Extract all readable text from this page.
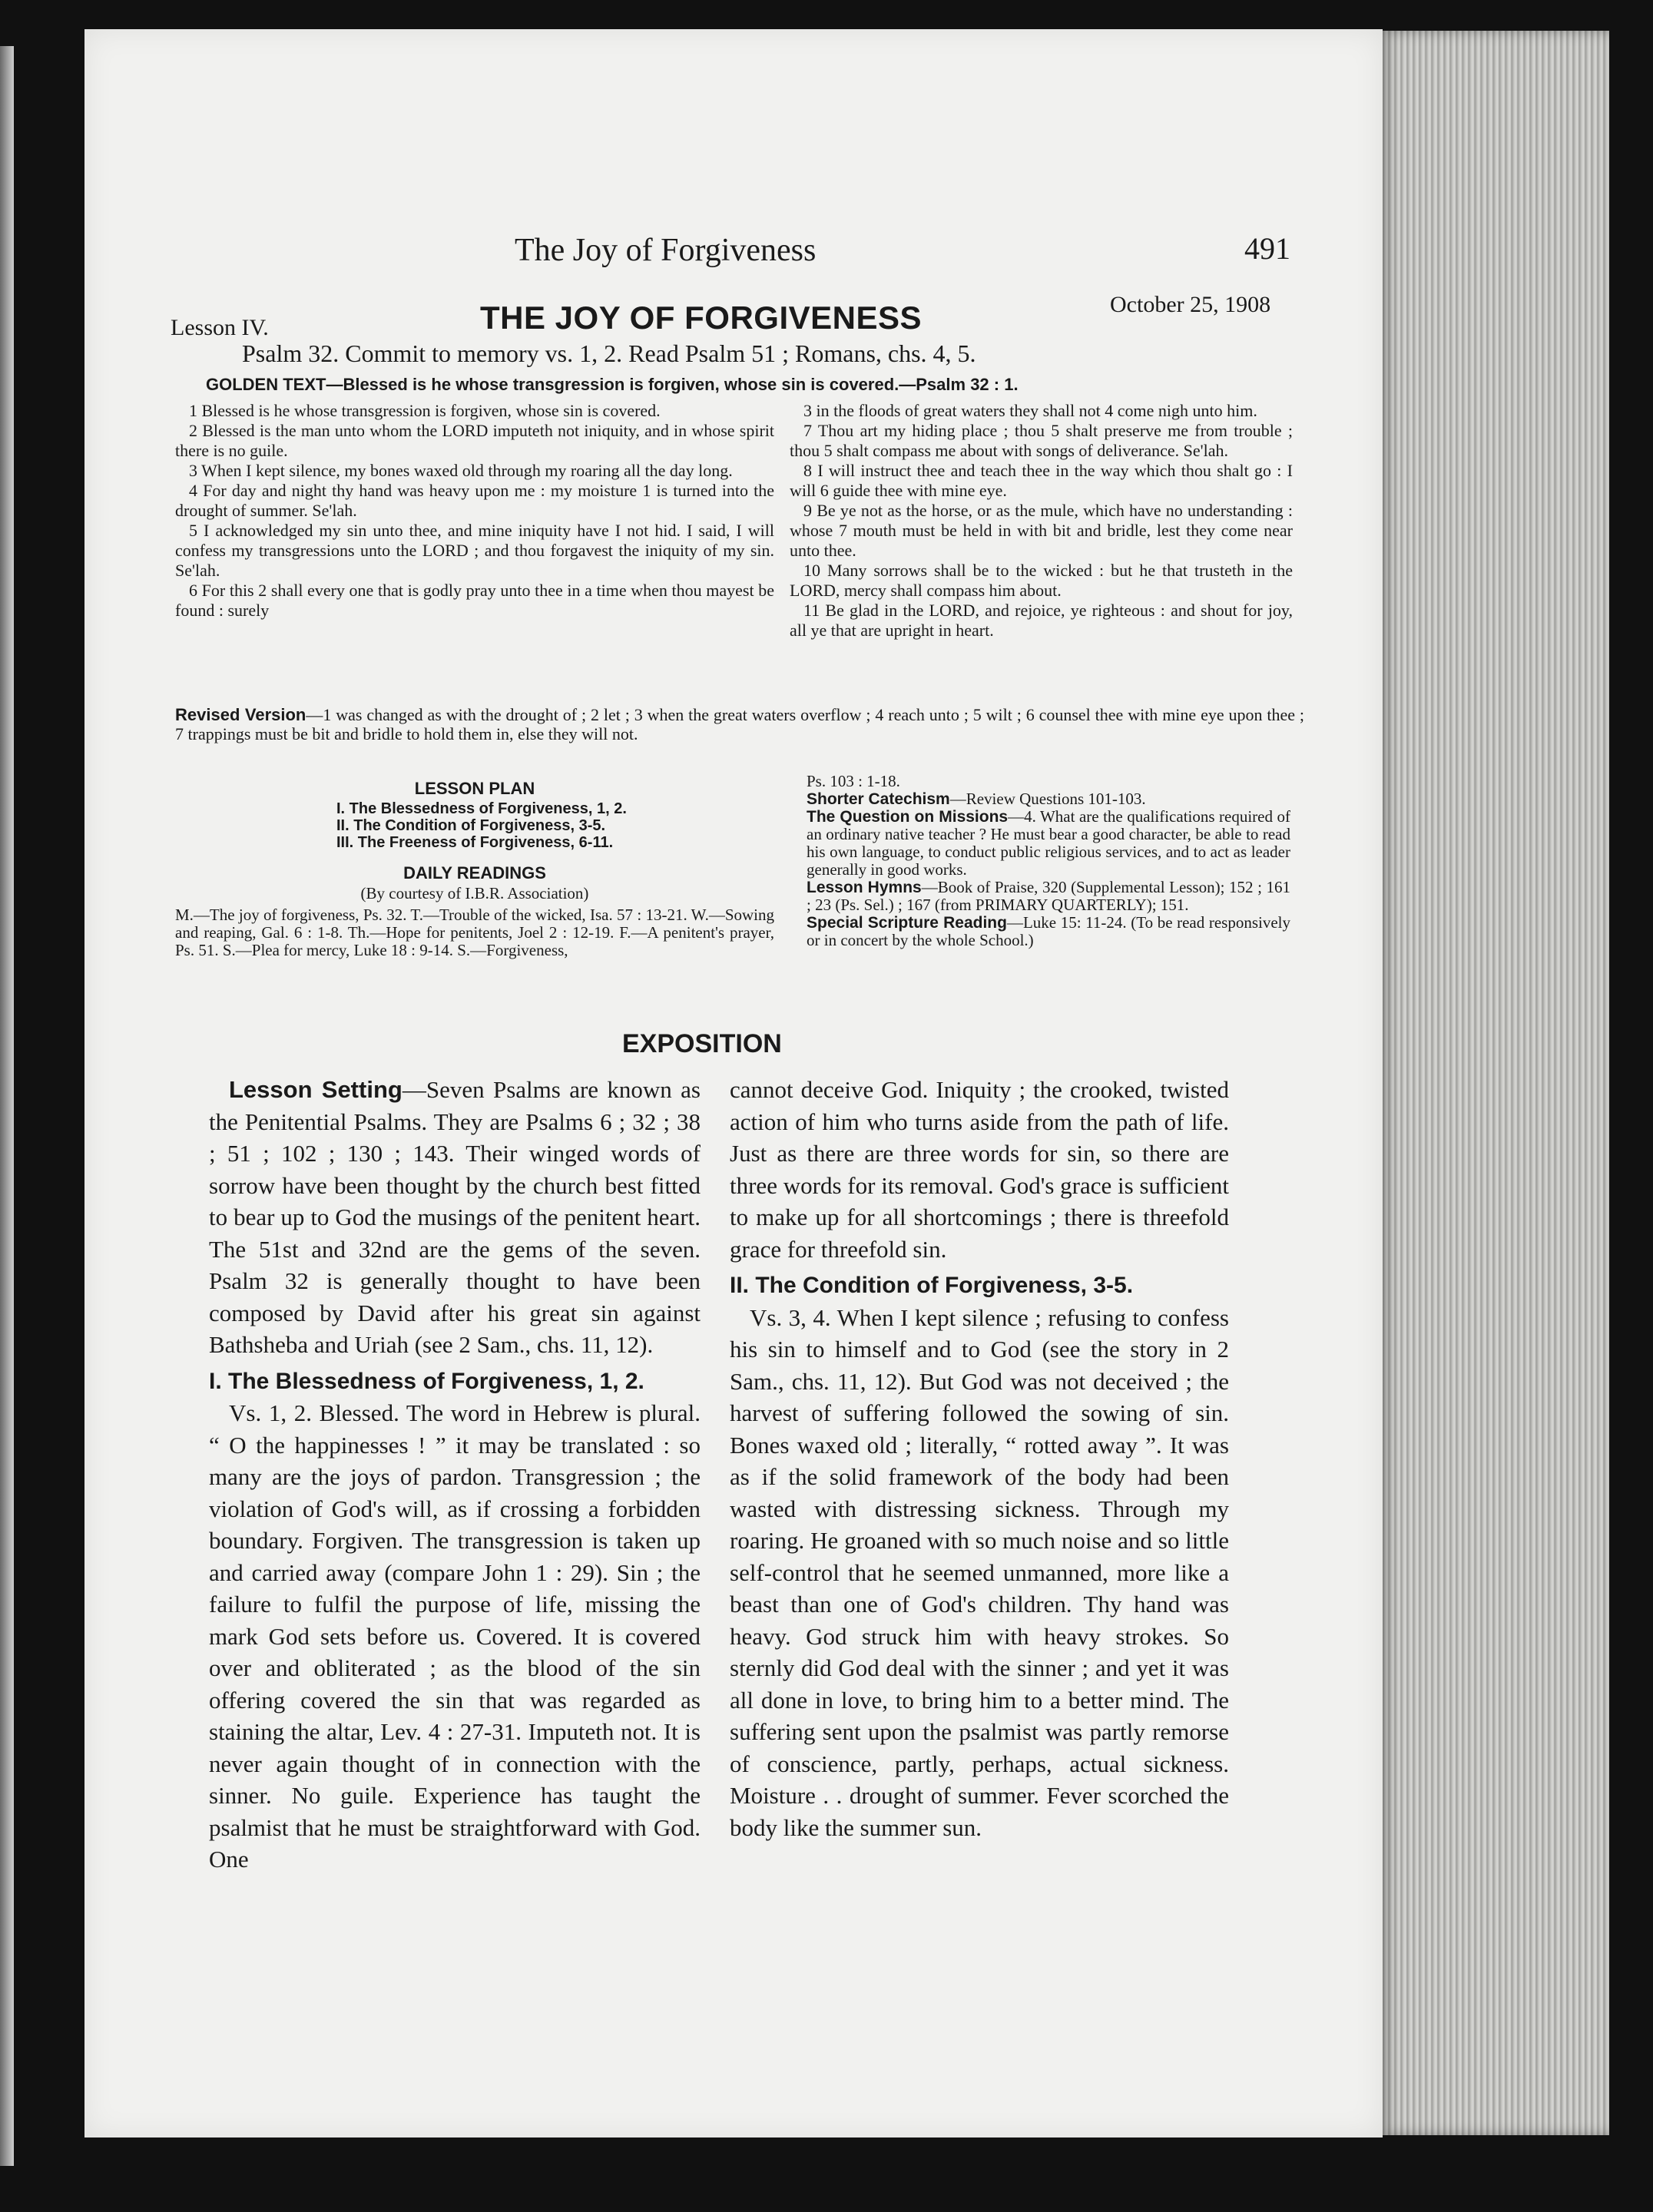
The Joy of Forgiveness	491
Lesson IV.	THE JOY OF FORGIVENESS	October 25, 1908
Psalm 32. Commit to memory vs. 1, 2. Read Psalm 51 ; Romans, chs. 4, 5.
GOLDEN TEXT—Blessed is he whose transgression is forgiven, whose sin is covered.—Psalm 32 : 1.

1 Blessed is he whose transgression is forgiven, whose sin is covered.

2 Blessed is the man unto whom the LORD imputeth not iniquity, and in whose spirit there is no guile.

3 When I kept silence, my bones waxed old through my roaring all the day long.

4 For day and night thy hand was heavy upon me : my moisture 1 is turned into the drought of summer. Se'lah.

5 I acknowledged my sin unto thee, and mine iniquity have I not hid. I said, I will confess my transgressions unto the LORD ; and thou forgavest the iniquity of my sin. Se'lah.

6 For this 2 shall every one that is godly pray unto thee in a time when thou mayest be found : surely

3 in the floods of great waters they shall not 4 come nigh unto him.

7 Thou art my hiding place ; thou 5 shalt preserve me from trouble ; thou 5 shalt compass me about with songs of deliverance. Se'lah.

8 I will instruct thee and teach thee in the way which thou shalt go : I will 6 guide thee with mine eye.

9 Be ye not as the horse, or as the mule, which have no understanding : whose 7 mouth must be held in with bit and bridle, lest they come near unto thee.

10 Many sorrows shall be to the wicked : but he that trusteth in the LORD, mercy shall compass him about.

11 Be glad in the LORD, and rejoice, ye righteous : and shout for joy, all ye that are upright in heart.

Revised Version—1 was changed as with the drought of ; 2 let ; 3 when the great waters overflow ; 4 reach unto ; 5 wilt ; 6 counsel thee with mine eye upon thee ; 7 trappings must be bit and bridle to hold them in, else they will not.
LESSON PLAN
I. The Blessedness of Forgiveness, 1, 2.
II. The Condition of Forgiveness, 3-5.
III. The Freeness of Forgiveness, 6-11.
DAILY READINGS
(By courtesy of I.B.R. Association)
M.—The joy of forgiveness, Ps. 32. T.—Trouble of the wicked, Isa. 57 : 13-21. W.—Sowing and reaping, Gal. 6 : 1-8. Th.—Hope for penitents, Joel 2 : 12-19. F.—A penitent's prayer, Ps. 51. S.—Plea for mercy, Luke 18 : 9-14. S.—Forgiveness,

Ps. 103 : 1-18.

Shorter Catechism—Review Questions 101-103.

The Question on Missions—4. What are the qualifications required of an ordinary native teacher ? He must bear a good character, be able to read his own language, to conduct public religious services, and to act as leader generally in good works.

Lesson Hymns—Book of Praise, 320 (Supplemental Lesson); 152 ; 161 ; 23 (Ps. Sel.) ; 167 (from PRIMARY QUARTERLY); 151.

Special Scripture Reading—Luke 15: 11-24. (To be read responsively or in concert by the whole School.)

EXPOSITION

Lesson Setting—Seven Psalms are known as the Penitential Psalms. They are Psalms 6 ; 32 ; 38 ; 51 ; 102 ; 130 ; 143. Their winged words of sorrow have been thought by the church best fitted to bear up to God the musings of the penitent heart. The 51st and 32nd are the gems of the seven. Psalm 32 is generally thought to have been composed by David after his great sin against Bathsheba and Uriah (see 2 Sam., chs. 11, 12).

I. The Blessedness of Forgiveness, 1, 2.

Vs. 1, 2. Blessed. The word in Hebrew is plural. “ O the happinesses ! ” it may be translated : so many are the joys of pardon. Transgression ; the violation of God's will, as if crossing a forbidden boundary. Forgiven. The transgression is taken up and carried away (compare John 1 : 29). Sin ; the failure to fulfil the purpose of life, missing the mark God sets before us. Covered. It is covered over and obliterated ; as the blood of the sin offering covered the sin that was regarded as staining the altar, Lev. 4 : 27-31. Imputeth not. It is never again thought of in connection with the sinner. No guile. Experience has taught the psalmist that he must be straightforward with God. One

cannot deceive God. Iniquity ; the crooked, twisted action of him who turns aside from the path of life. Just as there are three words for sin, so there are three words for its removal. God's grace is sufficient to make up for all shortcomings ; there is threefold grace for threefold sin.

II. The Condition of Forgiveness, 3-5.

Vs. 3, 4. When I kept silence ; refusing to confess his sin to himself and to God (see the story in 2 Sam., chs. 11, 12). But God was not deceived ; the harvest of suffering followed the sowing of sin. Bones waxed old ; literally, “ rotted away ”. It was as if the solid framework of the body had been wasted with distressing sickness. Through my roaring. He groaned with so much noise and so little self-control that he seemed unmanned, more like a beast than one of God's children. Thy hand was heavy. God struck him with heavy strokes. So sternly did God deal with the sinner ; and yet it was all done in love, to bring him to a better mind. The suffering sent upon the psalmist was partly remorse of conscience, partly, perhaps, actual sickness. Moisture . . drought of summer. Fever scorched the body like the summer sun.
